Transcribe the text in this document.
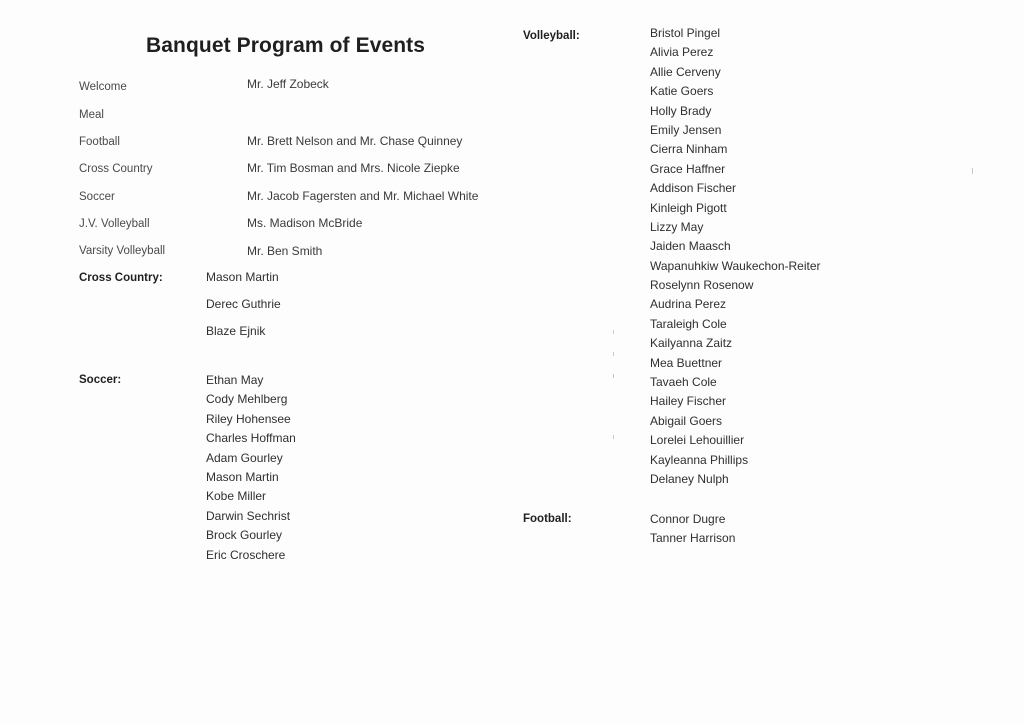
Banquet Program of Events
Welcome	Mr. Jeff Zobeck
Meal
Football	Mr. Brett Nelson and Mr. Chase Quinney
Cross Country	Mr. Tim Bosman and Mrs. Nicole Ziepke
Soccer	Mr. Jacob Fagersten and Mr. Michael White
J.V. Volleyball	Ms. Madison McBride
Varsity Volleyball	Mr. Ben Smith
Cross Country:	Mason Martin
Derec Guthrie
Blaze Ejnik
Soccer:	Ethan May
Cody Mehlberg
Riley Hohensee
Charles Hoffman
Adam Gourley
Mason Martin
Kobe Miller
Darwin Sechrist
Brock Gourley
Eric Croschere
Volleyball:	Bristol Pingel
Alivia Perez
Allie Cerveny
Katie Goers
Holly Brady
Emily Jensen
Cierra Ninham
Grace Haffner
Addison Fischer
Kinleigh Pigott
Lizzy May
Jaiden Maasch
Wapanuhkiw Waukechon-Reiter
Roselynn Rosenow
Audrina Perez
Taraleigh Cole
Kailyanna Zaitz
Mea Buettner
Tavaeh Cole
Hailey Fischer
Abigail Goers
Lorelei Lehouillier
Kayleanna Phillips
Delaney Nulph
Football:	Connor Dugre
Tanner Harrison
